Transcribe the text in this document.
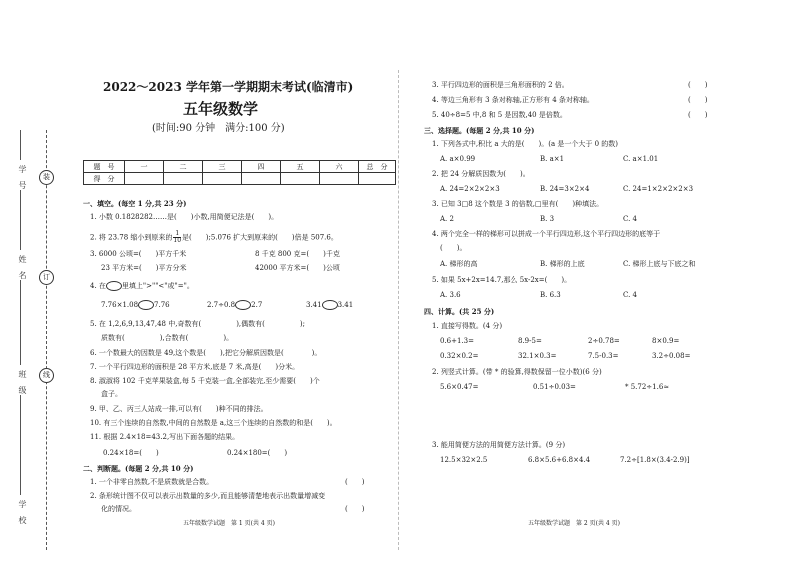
学　号
姓　名
班　级
学　校
装
订
线
2022～2023 学年第一学期期末考试(临清市)
五年级数学
(时间:90 分钟　满分:100 分)
题　号	一	二	三	四	五	六	总　分
得　分							
一、填空。(每空 1 分,共 23 分)
1. 小数 0.1828282……是(　　)小数,用简便记法是(　　)。
2. 将 23.78 缩小到原来的 $\frac{1}{10}$ 是(　　);5.076 扩大到原来的(　　)倍是 507.6。
3. 6000 公顷=(　　)平方千米	8 千克 800 克=(　　)千克
23 平方米=(　　)平方分米	42000 平方米=(　　)公顷
4. 在 里填上">""<"或"="。
7.76×1.08 7.76	2.7÷0.8 2.7	3.41 3.41
5. 在 1,2,6,9,13,47,48 中,奇数有(　　　　　),偶数有(　　　　　);
质数有(　　　　　),合数有(　　　　　)。
6. 一个数最大的因数是 49,这个数是(　　),把它分解质因数是(　　　　)。
7. 一个平行四边形的面积是 28 平方米,底是 7 米,高是(　　)分米。
8. 淑淑将 102 千克苹果装盒,每 5 千克装一盒,全部装完,至少需要(　　)个
盒子。
9. 甲、乙、丙三人站成一排,可以有(　　)种不同的排法。
10. 有三个连续的自然数,中间的自然数是 a,这三个连续的自然数的和是(　　)。
11. 根据 2.4×18=43.2,写出下面各题的结果。
0.24×18=(　　)	0.24×180=(　　)
二、判断题。(每题 2 分,共 10 分)
1. 一个非零自然数,不是质数就是合数。	(　　)
2. 条形统计图不仅可以表示出数量的多少,而且能够清楚地表示出数量增减变
化的情况。	(　　)
五年级数学试题　第 1 页(共 4 页)
3. 平行四边形的面积是三角形面积的 2 倍。	(　　)
4. 等边三角形有 3 条对称轴,正方形有 4 条对称轴。	(　　)
5. 40÷8=5 中,8 和 5 是因数,40 是倍数。	(　　)
三、选择题。(每题 2 分,共 10 分)
1. 下列各式中,积比 a 大的是(　　)。(a 是一个大于 0 的数)
A. a×0.99	B. a×1	C. a×1.01
2. 把 24 分解质因数为(　　)。
A. 24=2×2×2×3	B. 24=3×2×4	C. 24=1×2×2×2×3
3. 已知 3□8 这个数是 3 的倍数,□里有(　　)种填法。
A. 2	B. 3	C. 4
4. 两个完全一样的梯形可以拼成一个平行四边形,这个平行四边形的底等于
(　　)。
A. 梯形的高	B. 梯形的上底	C. 梯形上底与下底之和
5. 如果 5x+2x=14.7,那么 5x-2x=(　　)。
A. 3.6	B. 6.3	C. 4
四、计算。(共 25 分)
1. 直接写得数。(4 分)
0.6+1.3=	8.9-5=	2÷0.78=	8×0.9=
0.32×0.2=	32.1×0.3=	7.5-0.3=	3.2÷0.08=
2. 列竖式计算。(带 * 的验算,得数保留一位小数)(6 分)
5.6×0.47=	0.51÷0.03=	* 5.72÷1.6≈
3. 能用简便方法的用简便方法计算。(9 分)
12.5×32×2.5	6.8×5.6+6.8×4.4	7.2÷[1.8×(3.4-2.9)]
五年级数学试题　第 2 页(共 4 页)
